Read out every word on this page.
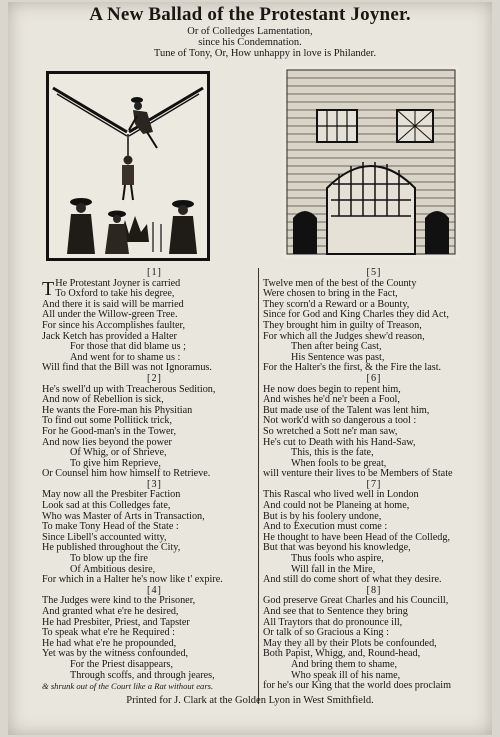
A New Ballad of the Protestant Joyner.
Or of Colledges Lamentation,
since his Condemnation.
Tune of Tony, Or, How unhappy in love is Philander.
[1]
T He Protestant Joyner is carried
To Oxford to take his degree,
And there it is said will be married
All under the Willow-green Tree.
For since his Accomplishes faulter,
Jack Ketch has provided a Halter
For those that did blame us ;
And went for to shame us :
Will find that the Bill was not Ignoramus.
[2]
He's swell'd up with Treacherous Sedition,
And now of Rebellion is sick,
He wants the Fore-man his Physitian
To find out some Pollitick trick,
For he Good-man's in the Tower,
And now lies beyond the power
Of Whig, or of Shrieve,
To give him Reprieve,
Or Counsel him how himself to Retrieve.
[3]
May now all the Presbiter Faction
Look sad at this Colledges fate,
Who was Master of Arts in Transaction,
To make Tony Head of the State :
Since Libell's accounted witty,
He published throughout the City,
To blow up the fire
Of Ambitious desire,
For which in a Halter he's now like t' expire.
[4]
The Judges were kind to the Prisoner,
And granted what e're he desired,
He had Presbiter, Priest, and Tapster
To speak what e're he Required :
He had what e're he propounded,
Yet was by the witness confounded,
For the Priest disappears,
Through scoffs, and through jeares,
& shrunk out of the Court like a Rat without ears.
[5]
Twelve men of the best of the County
Were chosen to bring in the Fact,
They scorn'd a Reward or a Bounty,
Since for God and King Charles they did Act,
They brought him in guilty of Treason,
For which all the Judges shew'd reason,
Then after being Cast,
His Sentence was past,
For the Halter's the first, & the Fire the last.
[6]
He now does begin to repent him,
And wishes he'd ne'r been a Fool,
But made use of the Talent was lent him,
Not work'd with so dangerous a tool :
So wretched a Sott ne'r man saw,
He's cut to Death with his Hand-Saw,
This, this is the fate,
When fools to be great,
will venture their lives to be Members of State
[7]
This Rascal who lived well in London
And could not be Planeing at home,
But is by his foolery undone,
And to Execution must come :
He thought to have been Head of the Colledg,
But that was beyond his knowledge,
Thus fools who aspire,
Will fall in the Mire,
And still do come short of what they desire.
[8]
God preserve Great Charles and his Councill,
And see that to Sentence they bring
All Traytors that do pronounce ill,
Or talk of so Gracious a King :
May they all by their Plots be confounded,
Both Papist, Whigg, and, Round-head,
And bring them to shame,
Who speak ill of his name,
for he's our King that the world does proclaim
Printed for J. Clark at the Golden Lyon in West Smithfield.
